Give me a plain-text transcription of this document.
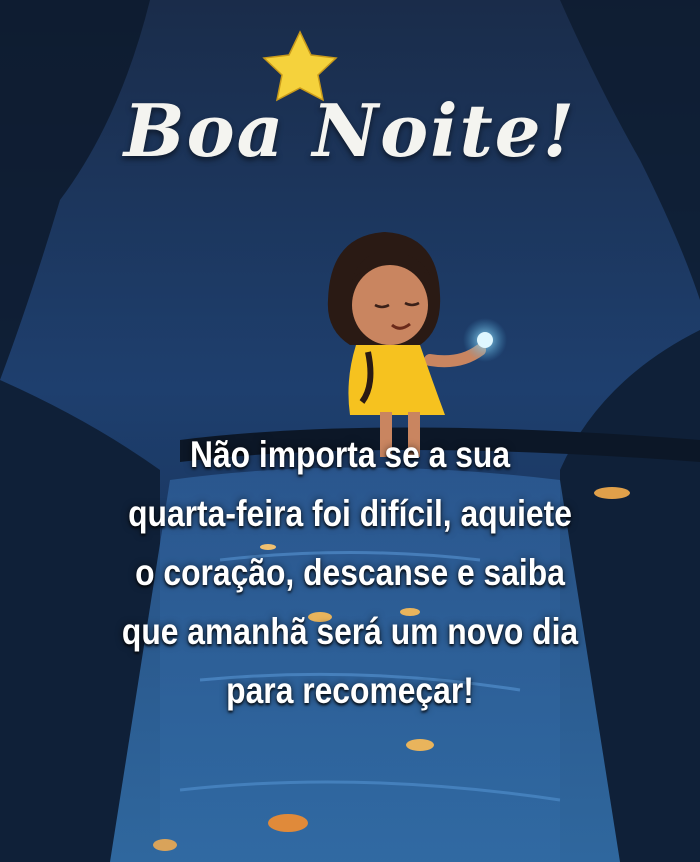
Boa Noite!
Não importa se a sua
quarta-feira foi difícil, aquiete
o coração, descanse e saiba
que amanhã será um novo dia
para recomeçar!
